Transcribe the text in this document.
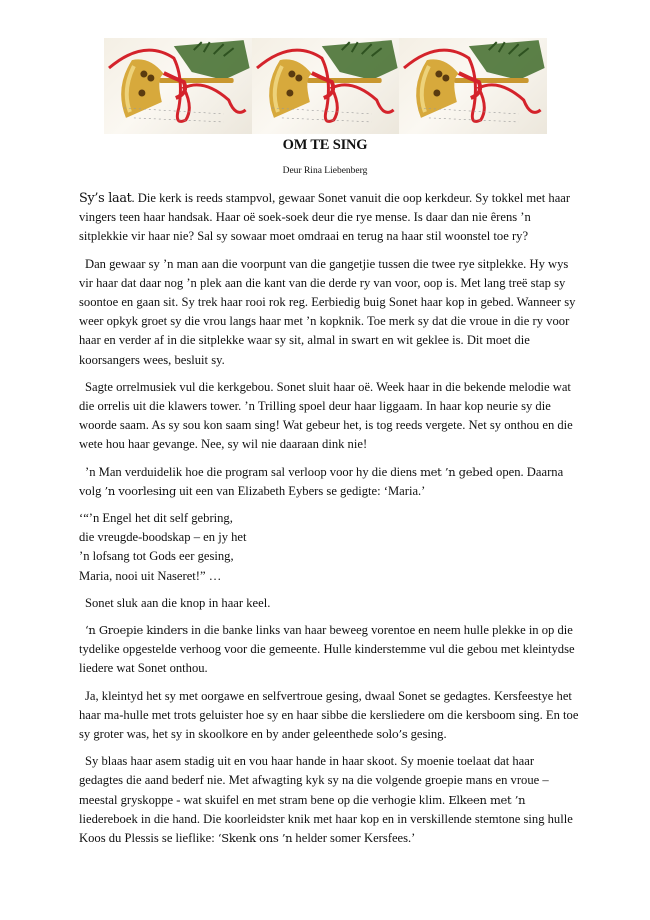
OM TE SING
Deur Rina Liebenberg

Sy’s laat. Die kerk is reeds stampvol, gewaar Sonet vanuit die oop kerkdeur. Sy tokkel met haar vingers teen haar handsak. Haar oë soek-soek deur die rye mense. Is daar dan nie êrens ’n sitplekkie vir haar nie? Sal sy sowaar moet omdraai en terug na haar stil woonstel toe ry?

Dan gewaar sy ’n man aan die voorpunt van die gangetjie tussen die twee rye sitplekke. Hy wys vir haar dat daar nog ’n plek aan die kant van die derde ry van voor, oop is. Met lang treë stap sy soontoe en gaan sit. Sy trek haar rooi rok reg. Eerbiedig buig Sonet haar kop in gebed. Wanneer sy weer opkyk groet sy die vrou langs haar met ’n kopknik. Toe merk sy dat die vroue in die ry voor haar en verder af in die sitplekke waar sy sit, almal in swart en wit geklee is. Dit moet die koorsangers wees, besluit sy.

Sagte orrelmusiek vul die kerkgebou. Sonet sluit haar oë. Week haar in die bekende melodie wat die orrelis uit die klawers tower. ’n Trilling spoel deur haar liggaam. In haar kop neurie sy die woorde saam. As sy sou kon saam sing! Wat gebeur het, is tog reeds vergete. Net sy onthou en die wete hou haar gevange. Nee, sy wil nie daaraan dink nie!

’n Man verduidelik hoe die program sal verloop voor hy die diens met ’n gebed open. Daarna volg ’n voorlesing uit een van Elizabeth Eybers se gedigte: ‘Maria.’

‘“’n Engel het dit self gebring,
die vreugde-boodskap – en jy het
’n lofsang tot Gods eer gesing,
Maria, nooi uit Naseret!” …

Sonet sluk aan die knop in haar keel.

‘n Groepie kinders in die banke links van haar beweeg vorentoe en neem hulle plekke in op die tydelike opgestelde verhoog voor die gemeente. Hulle kinderstemme vul die gebou met kleintydse liedere wat Sonet onthou.

Ja, kleintyd het sy met oorgawe en selfvertroue gesing, dwaal Sonet se gedagtes. Kersfeestye het haar ma-hulle met trots geluister hoe sy en haar sibbe die kersliedere om die kersboom sing. En toe sy groter was, het sy in skoolkore en by ander geleenthede solo’s gesing.

Sy blaas haar asem stadig uit en vou haar hande in haar skoot. Sy moenie toelaat dat haar gedagtes die aand bederf nie. Met afwagting kyk sy na die volgende groepie mans en vroue – meestal gryskoppe - wat skuifel en met stram bene op die verhogie klim. Elkeen met ’n liedereboek in die hand. Die koorleidster knik met haar kop en in verskillende stemtone sing hulle Koos du Plessis se lieflike: ‘Skenk ons ’n helder somer Kersfees.’
